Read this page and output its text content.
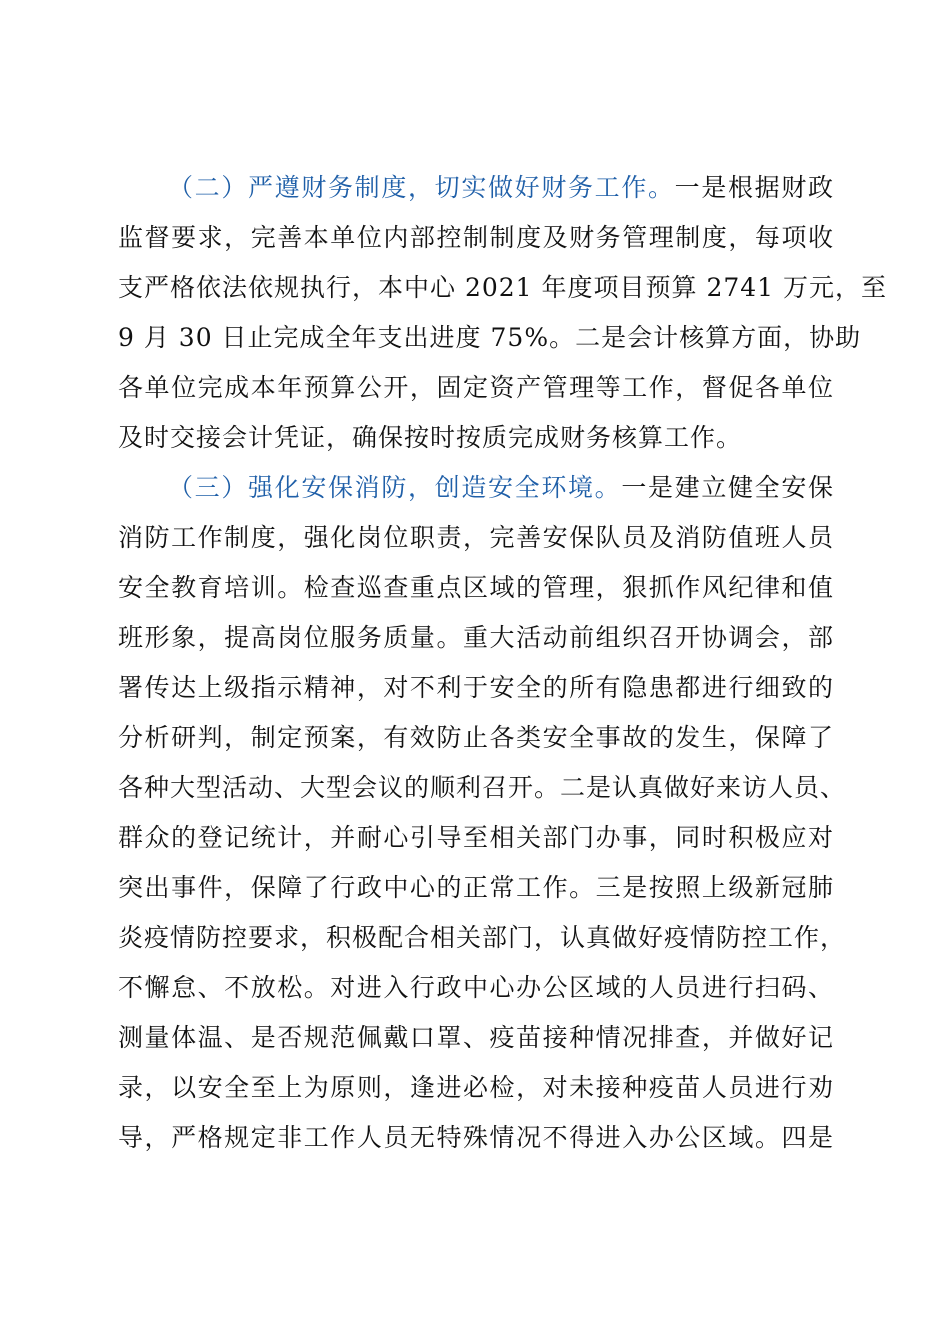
（二）严遵财务制度，切实做好财务工作。一是根据财政
监督要求，完善本单位内部控制制度及财务管理制度，每项收
支严格依法依规执行，本中心 2021 年度项目预算 2741 万元，至
9 月 30 日止完成全年支出进度 75%。二是会计核算方面，协助
各单位完成本年预算公开，固定资产管理等工作，督促各单位
及时交接会计凭证，确保按时按质完成财务核算工作。
（三）强化安保消防，创造安全环境。一是建立健全安保
消防工作制度，强化岗位职责，完善安保队员及消防值班人员
安全教育培训。检查巡查重点区域的管理，狠抓作风纪律和值
班形象，提高岗位服务质量。重大活动前组织召开协调会，部
署传达上级指示精神，对不利于安全的所有隐患都进行细致的
分析研判，制定预案，有效防止各类安全事故的发生，保障了
各种大型活动、大型会议的顺利召开。二是认真做好来访人员、
群众的登记统计，并耐心引导至相关部门办事，同时积极应对
突出事件，保障了行政中心的正常工作。三是按照上级新冠肺
炎疫情防控要求，积极配合相关部门，认真做好疫情防控工作，
不懈怠、不放松。对进入行政中心办公区域的人员进行扫码、
测量体温、是否规范佩戴口罩、疫苗接种情况排查，并做好记
录，以安全至上为原则，逢进必检，对未接种疫苗人员进行劝
导，严格规定非工作人员无特殊情况不得进入办公区域。四是
